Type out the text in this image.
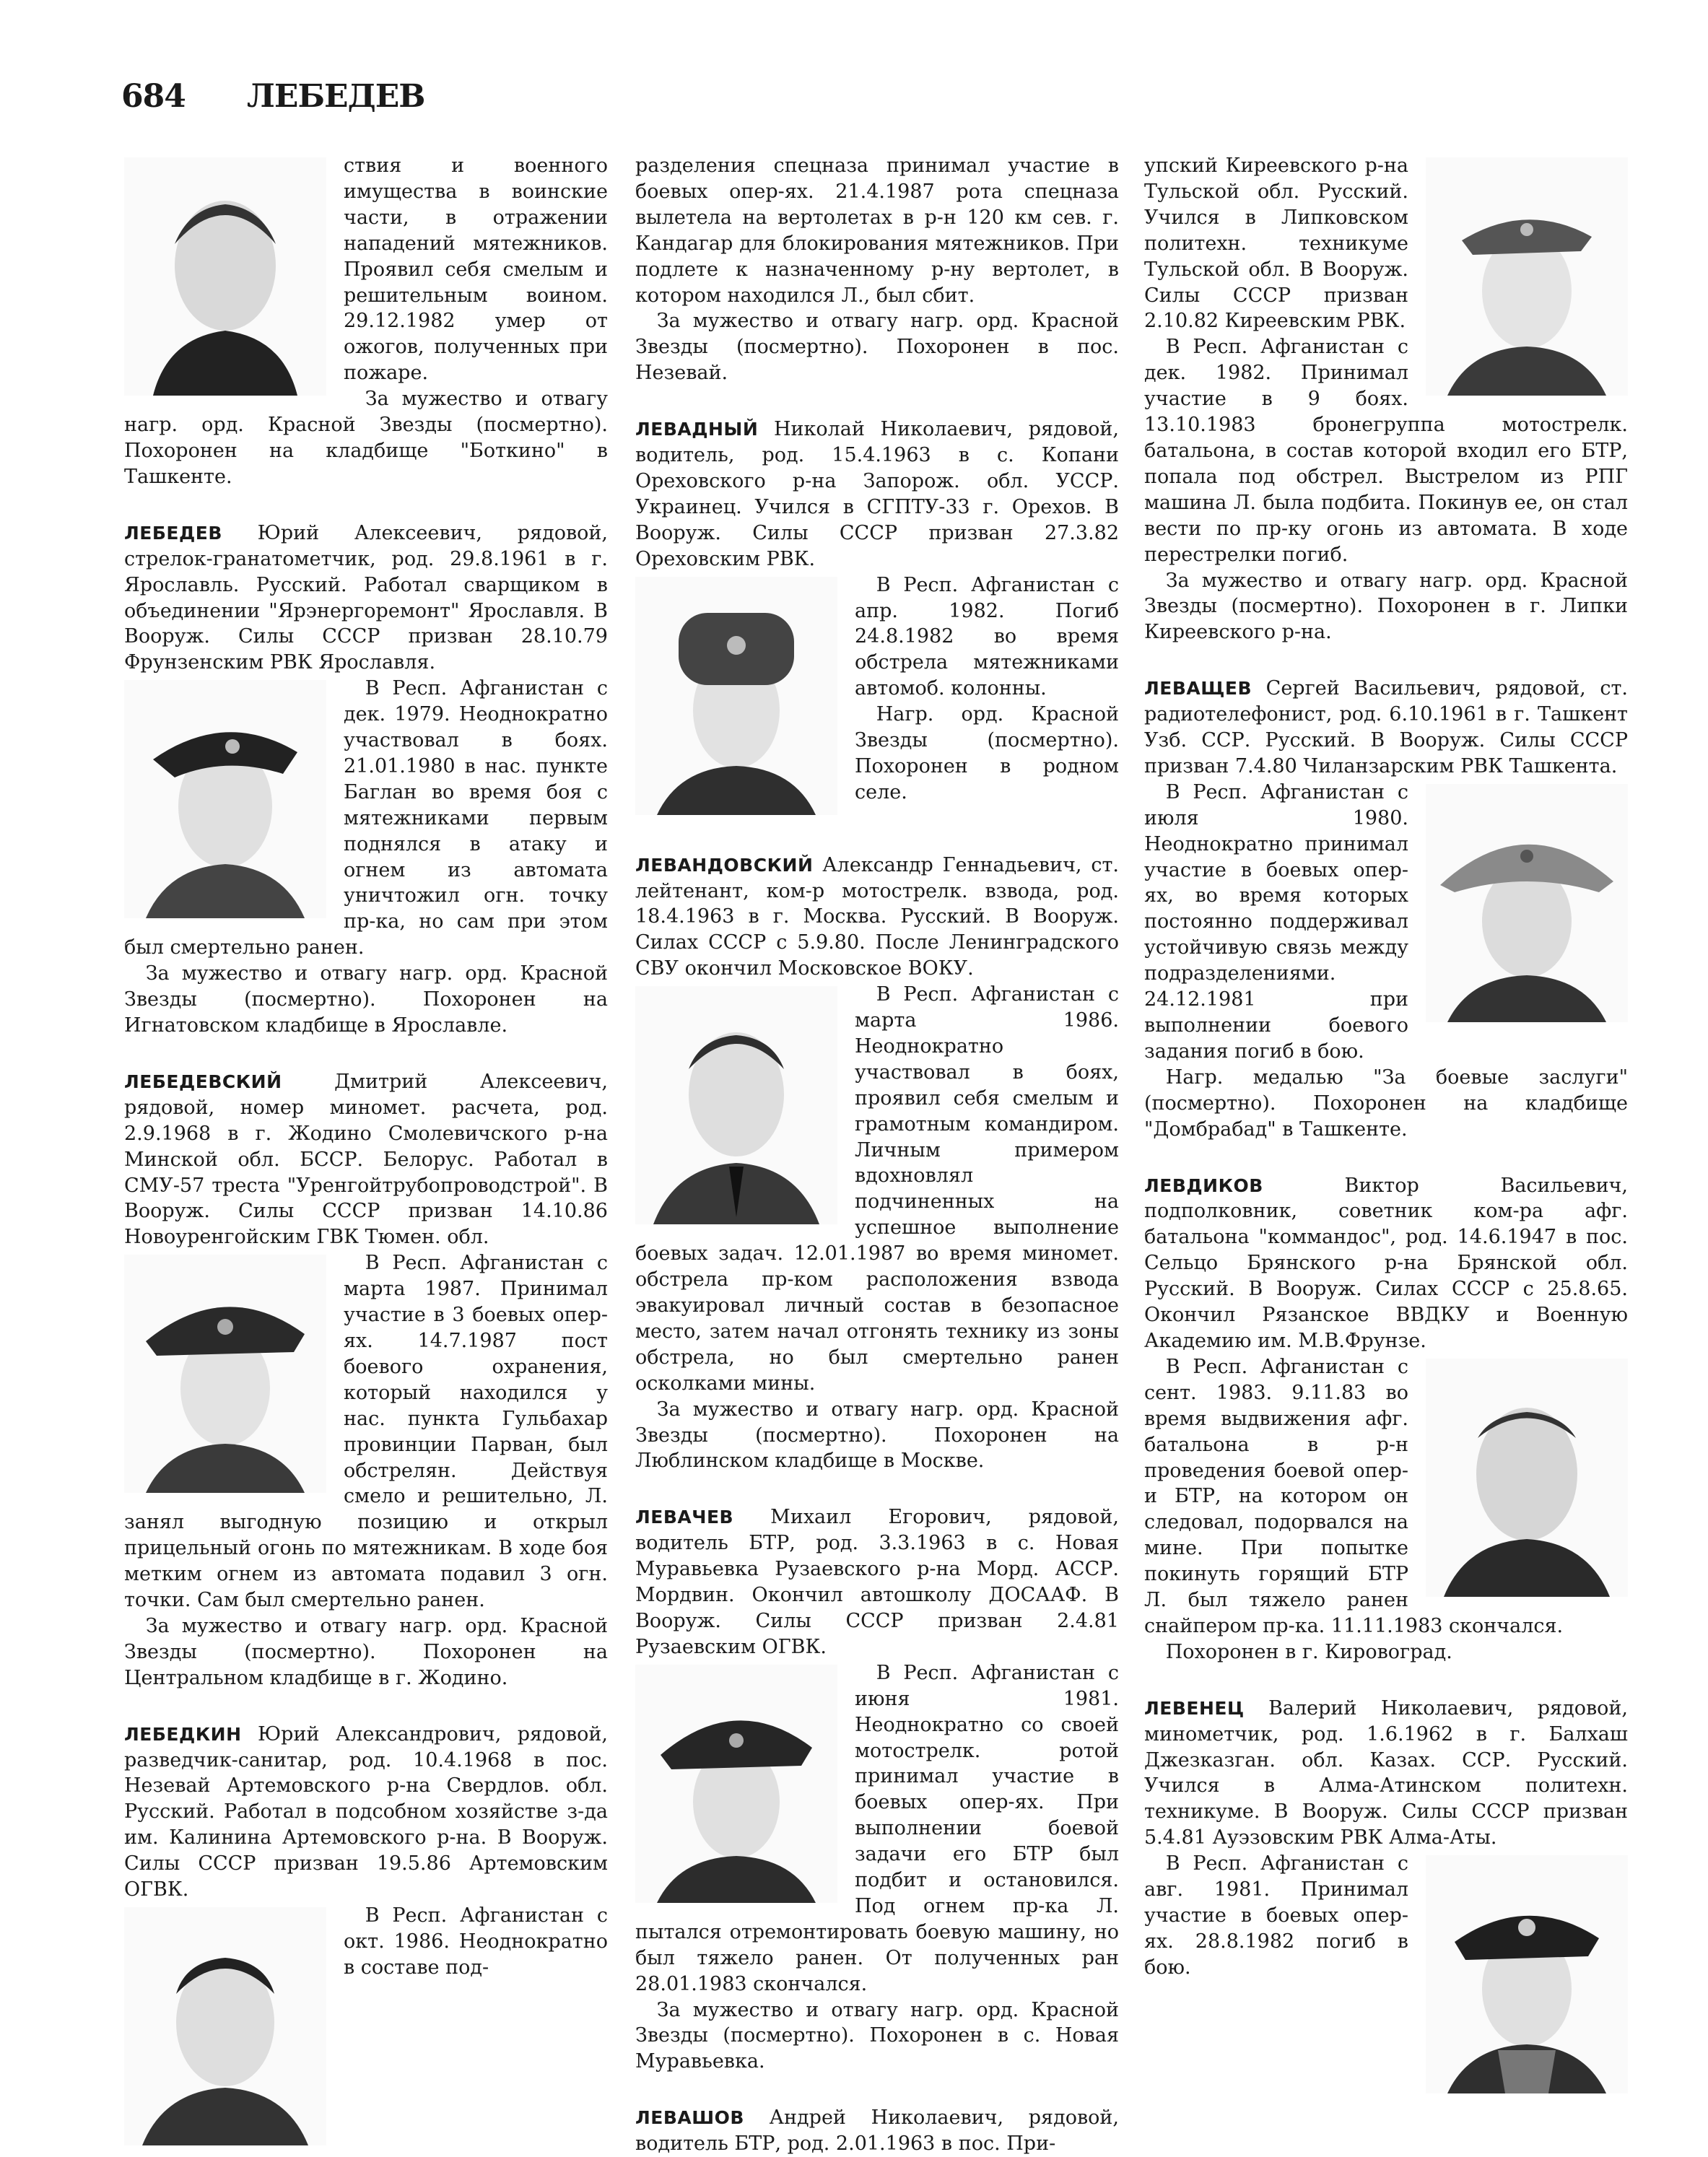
684 ЛЕБЕДЕВ

ствия и военного имущества в воинские части, в отражении нападений мятежников. Проявил себя смелым и решительным воином. 29.12.1982 умер от ожогов, полученных при пожаре.

За мужество и отвагу нагр. орд. Красной Звезды (посмертно). Похоронен на кладбище "Боткино" в Ташкенте.

ЛЕБЕДЕВ Юрий Алексеевич, рядовой, стрелок-гранатометчик, род. 29.8.1961 в г. Ярославль. Русский. Работал сварщиком в объединении "Ярэнергоремонт" Ярославля. В Вооруж. Силы СССР призван 28.10.79 Фрунзенским РВК Ярославля.

В Респ. Афганистан с дек. 1979. Неоднократно участвовал в боях. 21.01.1980 в нас. пункте Баглан во время боя с мятежниками первым поднялся в атаку и огнем из автомата уничтожил огн. точку пр-ка, но сам при этом был смертельно ранен.

За мужество и отвагу нагр. орд. Красной Звезды (посмертно). Похоронен на Игнатовском кладбище в Ярославле.

ЛЕБЕДЕВСКИЙ Дмитрий Алексеевич, рядовой, номер миномет. расчета, род. 2.9.1968 в г. Жодино Смолевичского р-на Минской обл. БССР. Белорус. Работал в СМУ-57 треста "Уренгойтрубопроводстрой". В Вооруж. Силы СССР призван 14.10.86 Новоуренгойским ГВК Тюмен. обл.

В Респ. Афганистан с марта 1987. Принимал участие в 3 боевых опер-ях. 14.7.1987 пост боевого охранения, который находился у нас. пункта Гульбахар провинции Парван, был обстрелян. Действуя смело и решительно, Л. занял выгодную позицию и открыл прицельный огонь по мятежникам. В ходе боя метким огнем из автомата подавил 3 огн. точки. Сам был смертельно ранен.

За мужество и отвагу нагр. орд. Красной Звезды (посмертно). Похоронен на Центральном кладбище в г. Жодино.

ЛЕБЕДКИН Юрий Александрович, рядовой, разведчик-санитар, род. 10.4.1968 в пос. Незевай Артемовского р-на Свердлов. обл. Русский. Работал в подсобном хозяйстве з-да им. Калинина Артемовского р-на. В Вооруж. Силы СССР призван 19.5.86 Артемовским ОГВК.

В Респ. Афганистан с окт. 1986. Неоднократно в составе под-

разделения спецназа принимал участие в боевых опер-ях. 21.4.1987 рота спецназа вылетела на вертолетах в р-н 120 км сев. г. Кандагар для блокирования мятежников. При подлете к назначенному р-ну вертолет, в котором находился Л., был сбит.

За мужество и отвагу нагр. орд. Красной Звезды (посмертно). Похоронен в пос. Незевай.

ЛЕВАДНЫЙ Николай Николаевич, рядовой, водитель, род. 15.4.1963 в с. Копани Ореховского р-на Запорож. обл. УССР. Украинец. Учился в СГПТУ-33 г. Орехов. В Вооруж. Силы СССР призван 27.3.82 Ореховским РВК.

В Респ. Афганистан с апр. 1982. Погиб 24.8.1982 во время обстрела мятежниками автомоб. колонны.

Нагр. орд. Красной Звезды (посмертно). Похоронен в родном селе.

ЛЕВАНДОВСКИЙ Александр Геннадьевич, ст. лейтенант, ком-р мотострелк. взвода, род. 18.4.1963 в г. Москва. Русский. В Вооруж. Силах СССР с 5.9.80. После Ленинградского СВУ окончил Московское ВОКУ.

В Респ. Афганистан с марта 1986. Неоднократно участвовал в боях, проявил себя смелым и грамотным командиром. Личным примером вдохновлял подчиненных на успешное выполнение боевых задач. 12.01.1987 во время миномет. обстрела пр-ком расположения взвода эвакуировал личный состав в безопасное место, затем начал отгонять технику из зоны обстрела, но был смертельно ранен осколками мины.

За мужество и отвагу нагр. орд. Красной Звезды (посмертно). Похоронен на Люблинском кладбище в Москве.

ЛЕВАЧЕВ Михаил Егорович, рядовой, водитель БТР, род. 3.3.1963 в с. Новая Муравьевка Рузаевского р-на Морд. АССР. Мордвин. Окончил автошколу ДОСААФ. В Вооруж. Силы СССР призван 2.4.81 Рузаевским ОГВК.

В Респ. Афганистан с июня 1981. Неоднократно со своей мотострелк. ротой принимал участие в боевых опер-ях. При выполнении боевой задачи его БТР был подбит и остановился. Под огнем пр-ка Л. пытался отремонтировать боевую машину, но был тяжело ранен. От полученных ран 28.01.1983 скончался.

За мужество и отвагу нагр. орд. Красной Звезды (посмертно). Похоронен в с. Новая Муравьевка.

ЛЕВАШОВ Андрей Николаевич, рядовой, водитель БТР, род. 2.01.1963 в пос. При-

упский Киреевского р-на Тульской обл. Русский. Учился в Липковском политехн. техникуме Тульской обл. В Вооруж. Силы СССР призван 2.10.82 Киреевским РВК.

В Респ. Афганистан с дек. 1982. Принимал участие в 9 боях. 13.10.1983 бронегруппа мотострелк. батальона, в состав которой входил его БТР, попала под обстрел. Выстрелом из РПГ машина Л. была подбита. Покинув ее, он стал вести по пр-ку огонь из автомата. В ходе перестрелки погиб.

За мужество и отвагу нагр. орд. Красной Звезды (посмертно). Похоронен в г. Липки Киреевского р-на.

ЛЕВАЩЕВ Сергей Васильевич, рядовой, ст. радиотелефонист, род. 6.10.1961 в г. Ташкент Узб. ССР. Русский. В Вооруж. Силы СССР призван 7.4.80 Чиланзарским РВК Ташкента.

В Респ. Афганистан с июля 1980. Неоднократно принимал участие в боевых опер-ях, во время которых постоянно поддерживал устойчивую связь между подразделениями. 24.12.1981 при выполнении боевого задания погиб в бою.

Нагр. медалью "За боевые заслуги" (посмертно). Похоронен на кладбище "Домбрабад" в Ташкенте.

ЛЕВДИКОВ Виктор Васильевич, подполковник, советник ком-ра афг. батальона "коммандос", род. 14.6.1947 в пос. Сельцо Брянского р-на Брянской обл. Русский. В Вооруж. Силах СССР с 25.8.65. Окончил Рязанское ВВДКУ и Военную Академию им. М.В.Фрунзе.

В Респ. Афганистан с сент. 1983. 9.11.83 во время выдвижения афг. батальона в р-н проведения боевой опер-и БТР, на котором он следовал, подорвался на мине. При попытке покинуть горящий БТР Л. был тяжело ранен снайпером пр-ка. 11.11.1983 скончался.

Похоронен в г. Кировоград.

ЛЕВЕНЕЦ Валерий Николаевич, рядовой, минометчик, род. 1.6.1962 в г. Балхаш Джезказган. обл. Казах. ССР. Русский. Учился в Алма-Атинском политехн. техникуме. В Вооруж. Силы СССР призван 5.4.81 Ауэзовским РВК Алма-Аты.

В Респ. Афганистан с авг. 1981. Принимал участие в боевых опер-ях. 28.8.1982 погиб в бою.
